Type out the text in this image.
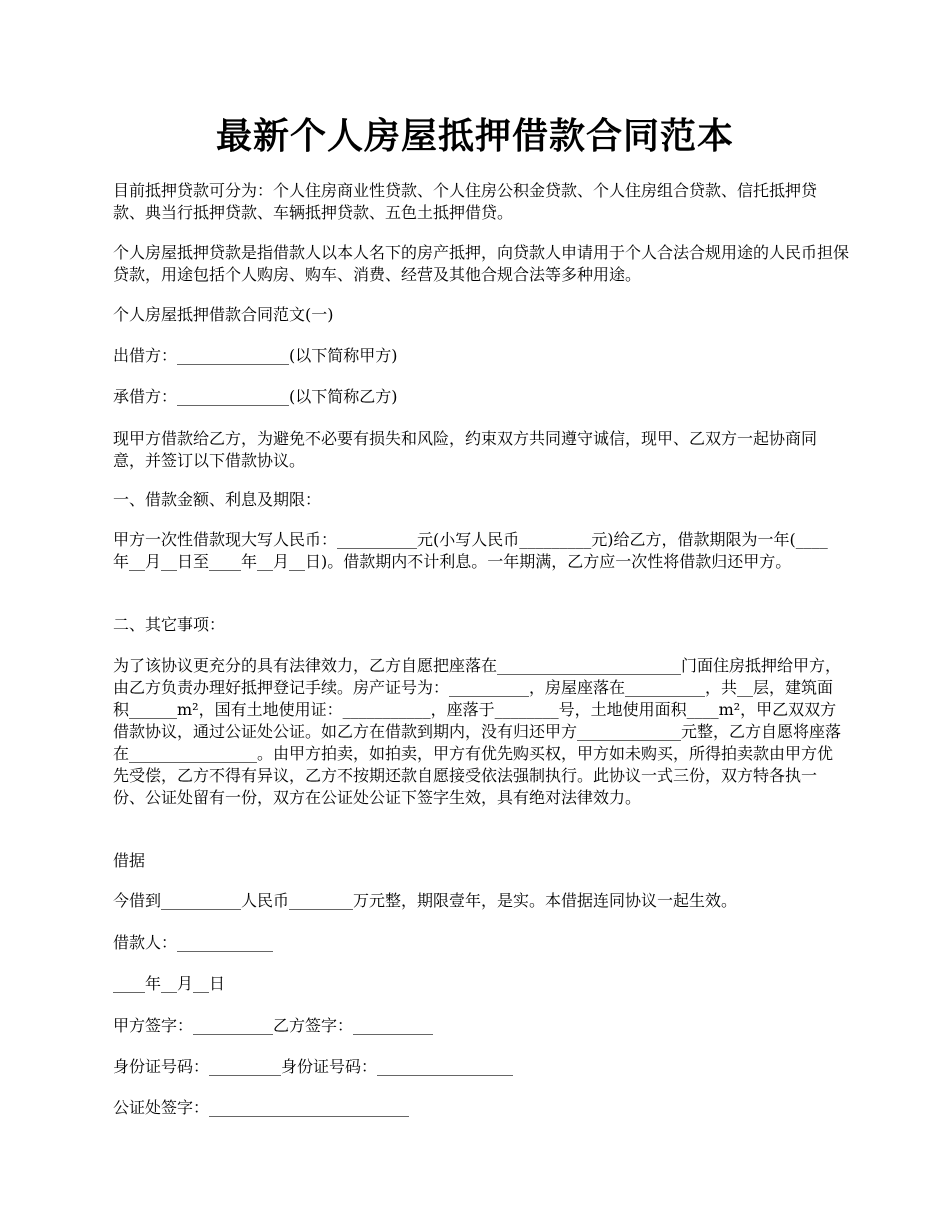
最新个人房屋抵押借款合同范本
目前抵押贷款可分为：个人住房商业性贷款、个人住房公积金贷款、个人住房组合贷款、信托抵押贷款、典当行抵押贷款、车辆抵押贷款、五色土抵押借贷。
个人房屋抵押贷款是指借款人以本人名下的房产抵押，向贷款人申请用于个人合法合规用途的人民币担保贷款，用途包括个人购房、购车、消费、经营及其他合规合法等多种用途。
个人房屋抵押借款合同范文(一)
出借方：______________(以下简称甲方)
承借方：______________(以下简称乙方)
现甲方借款给乙方，为避免不必要有损失和风险，约束双方共同遵守诚信，现甲、乙双方一起协商同意，并签订以下借款协议。
一、借款金额、利息及期限：
甲方一次性借款现大写人民币：__________元(小写人民币_________元)给乙方，借款期限为一年(____年__月__日至____年__月__日)。借款期内不计利息。一年期满，乙方应一次性将借款归还甲方。
二、其它事项：
为了该协议更充分的具有法律效力，乙方自愿把座落在_______________________门面住房抵押给甲方，由乙方负责办理好抵押登记手续。房产证号为：__________，房屋座落在__________，共__层，建筑面积______m²，国有土地使用证：___________，座落于________号，土地使用面积____m²，甲乙双双方借款协议，通过公证处公证。如乙方在借款到期内，没有归还甲方_____________元整，乙方自愿将座落在________________。由甲方拍卖，如拍卖，甲方有优先购买权，甲方如未购买，所得拍卖款由甲方优先受偿，乙方不得有异议，乙方不按期还款自愿接受依法强制执行。此协议一式三份，双方特各执一份、公证处留有一份，双方在公证处公证下签字生效，具有绝对法律效力。
借据
今借到__________人民币________万元整，期限壹年，是实。本借据连同协议一起生效。
借款人：____________
____年__月__日
甲方签字：__________乙方签字：__________
身份证号码：_________身份证号码：_________________
公证处签字：_________________________
